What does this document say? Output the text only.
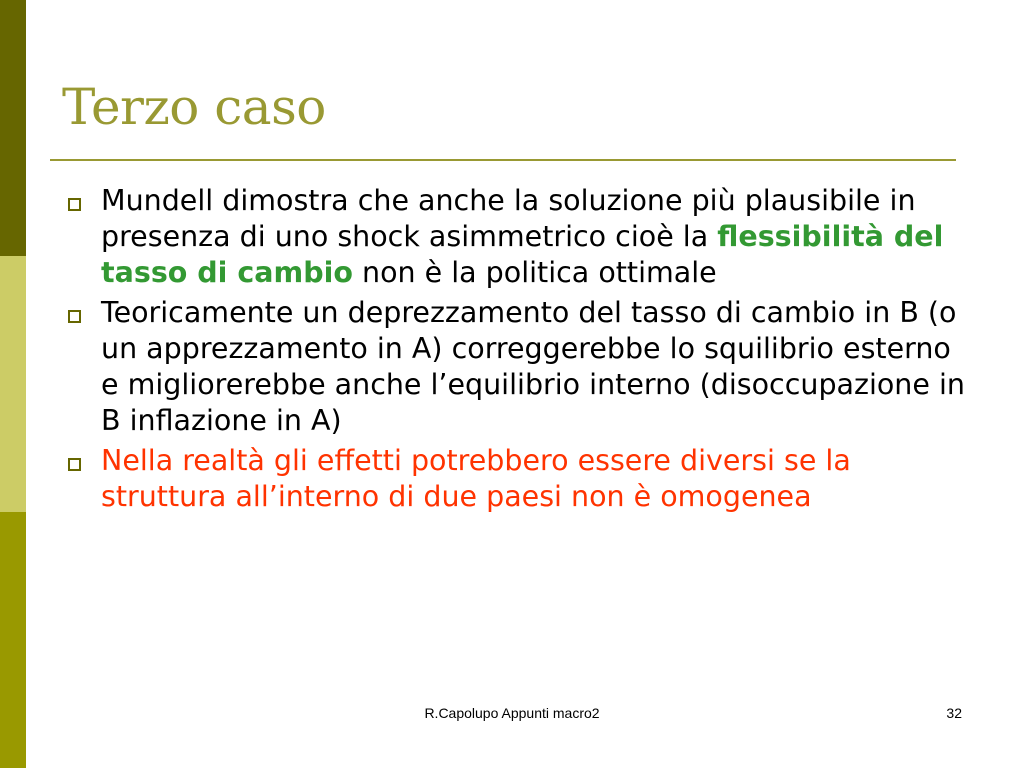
Terzo caso
Mundell dimostra che anche la soluzione più plausibile in presenza di uno shock asimmetrico cioè la flessibilità del tasso di cambio non è la politica ottimale
Teoricamente un deprezzamento del tasso di cambio in B (o un apprezzamento in A) correggerebbe lo squilibrio esterno e migliorerebbe anche l’equilibrio interno (disoccupazione in B inflazione in A)
Nella realtà gli effetti potrebbero essere diversi se la struttura all’interno di due paesi non è omogenea
R.Capolupo Appunti macro2	32
